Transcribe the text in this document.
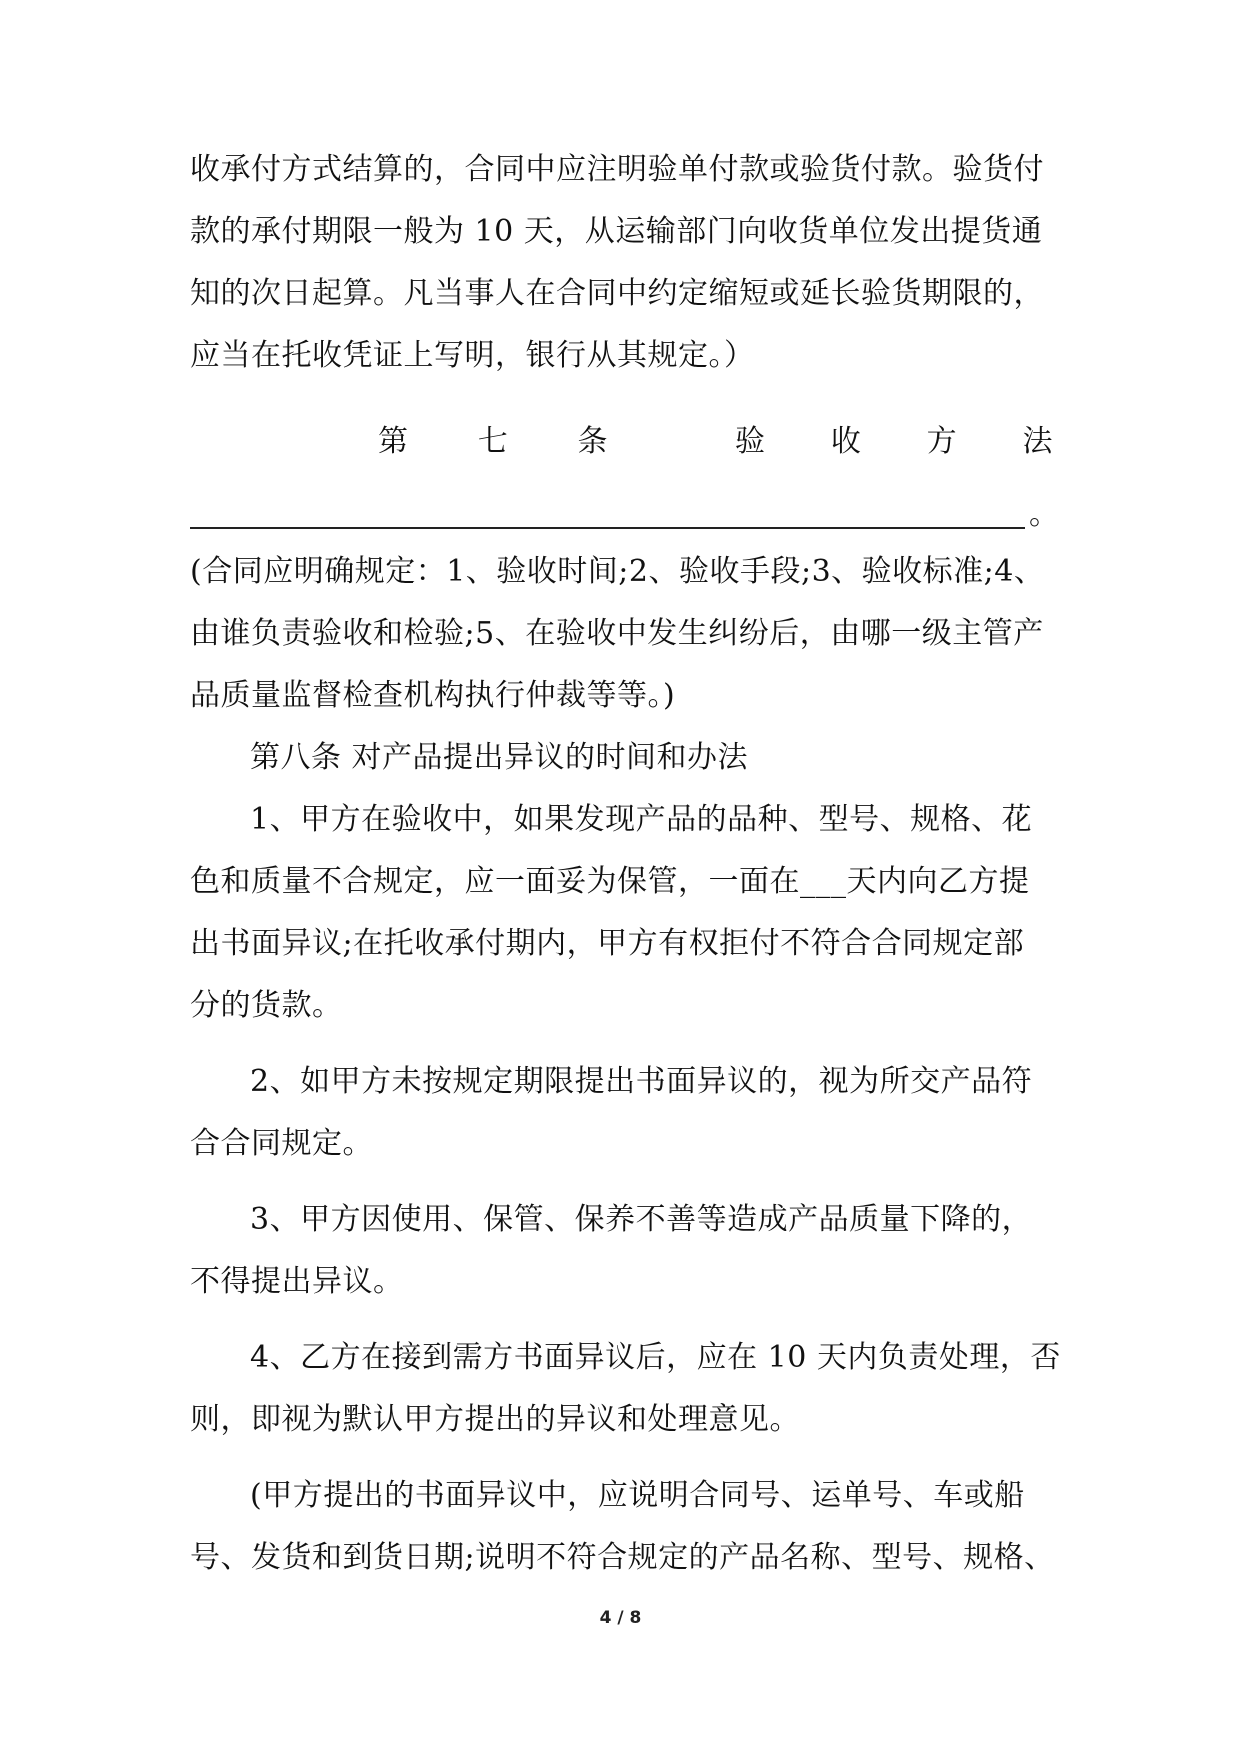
收承付方式结算的，合同中应注明验单付款或验货付款。验货付
款的承付期限一般为 10 天，从运输部门向收货单位发出提货通
知的次日起算。凡当事人在合同中约定缩短或延长验货期限的，
应当在托收凭证上写明，银行从其规定。）
第 七 条	验 收 方 法
。
(合同应明确规定：1、验收时间;2、验收手段;3、验收标准;4、
由谁负责验收和检验;5、在验收中发生纠纷后，由哪一级主管产
品质量监督检查机构执行仲裁等等。)
第八条 对产品提出异议的时间和办法
1、甲方在验收中，如果发现产品的品种、型号、规格、花
色和质量不合规定，应一面妥为保管，一面在___天内向乙方提
出书面异议;在托收承付期内，甲方有权拒付不符合合同规定部
分的货款。
2、如甲方未按规定期限提出书面异议的，视为所交产品符
合合同规定。
3、甲方因使用、保管、保养不善等造成产品质量下降的，
不得提出异议。
4、乙方在接到需方书面异议后，应在 10 天内负责处理，否
则，即视为默认甲方提出的异议和处理意见。
(甲方提出的书面异议中，应说明合同号、运单号、车或船
号、发货和到货日期;说明不符合规定的产品名称、型号、规格、
4 / 8
